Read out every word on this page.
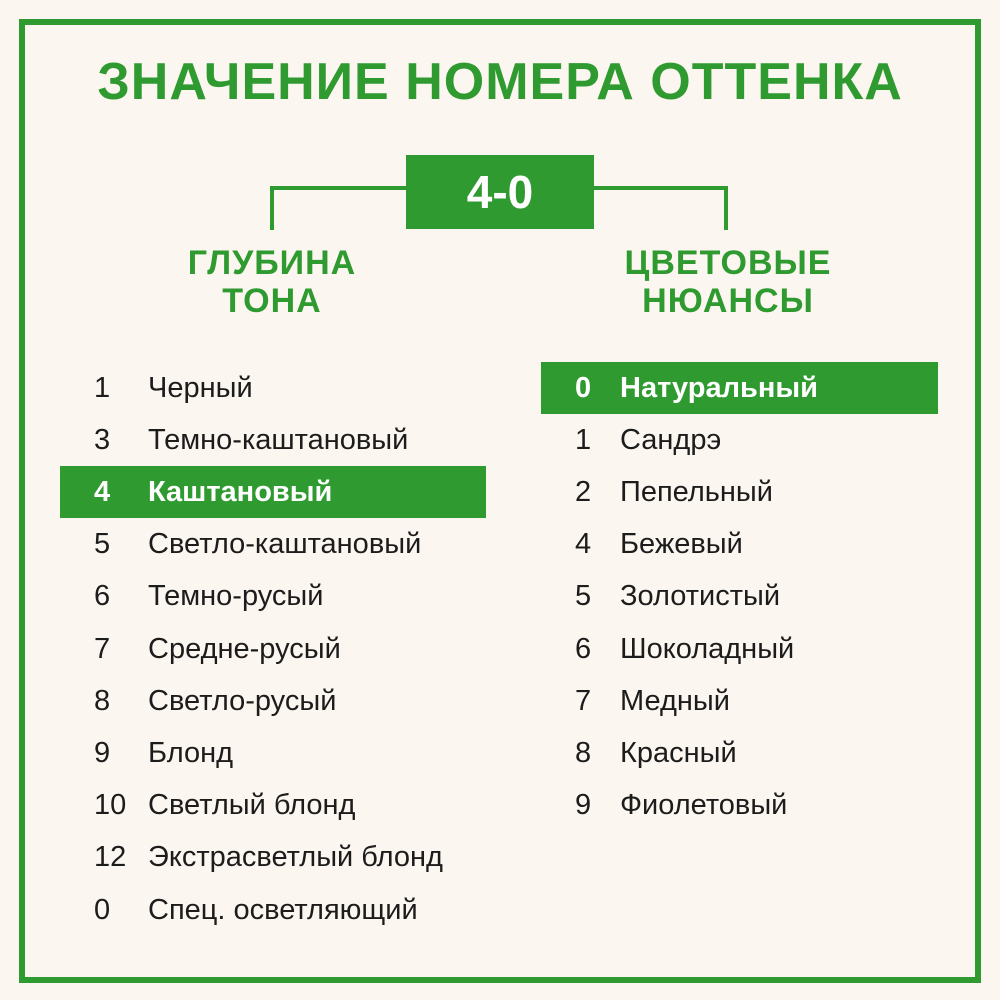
ЗНАЧЕНИЕ НОМЕРА ОТТЕНКА
4-0
ГЛУБИНА
ТОНА
ЦВЕТОВЫЕ
НЮАНСЫ
1	Черный
3	Темно-каштановый
4	Каштановый
5	Светло-каштановый
6	Темно-русый
7	Средне-русый
8	Светло-русый
9	Блонд
10 Светлый блонд
12 Экстрасветлый блонд
0	Спец. осветляющий
0 Натуральный
1 Сандрэ
2 Пепельный
4 Бежевый
5 Золотистый
6 Шоколадный
7 Медный
8 Красный
9 Фиолетовый
